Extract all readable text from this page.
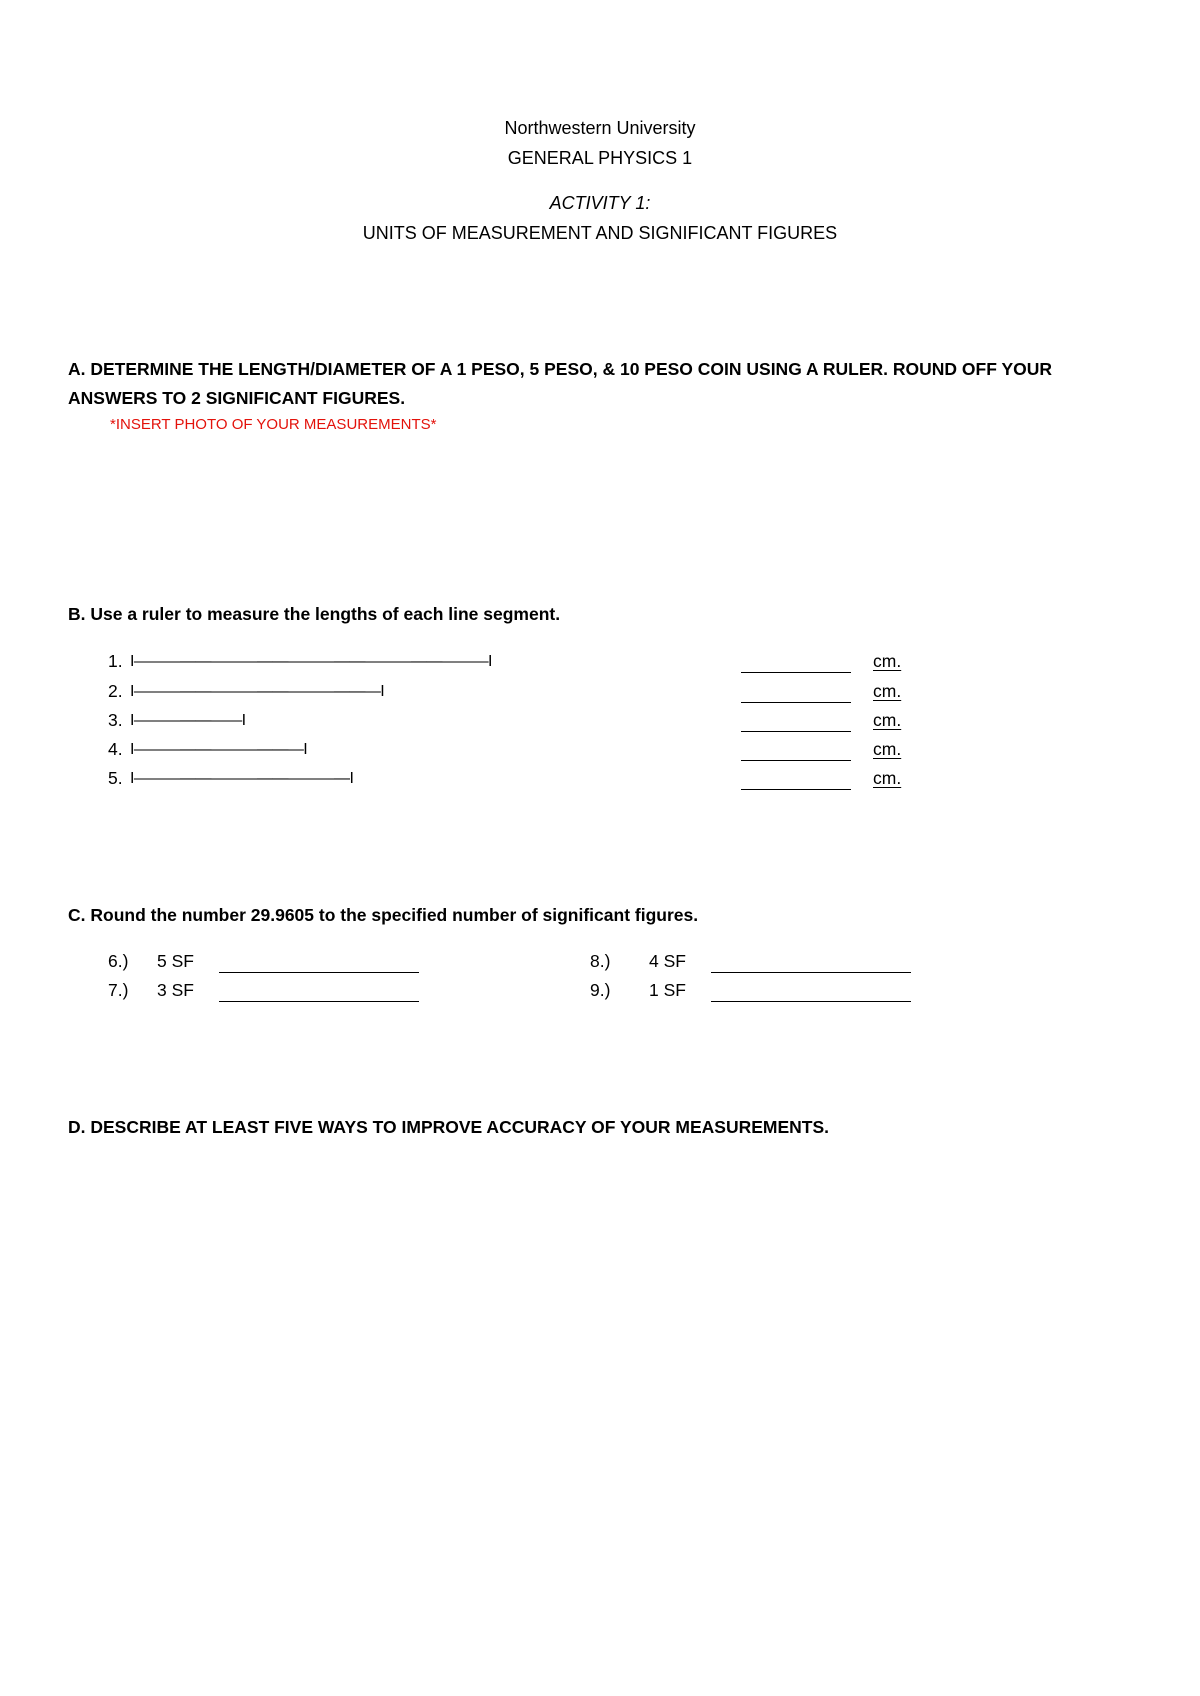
Northwestern University
GENERAL PHYSICS 1
ACTIVITY 1:
UNITS OF MEASUREMENT AND SIGNIFICANT FIGURES
A. DETERMINE THE LENGTH/DIAMETER OF A 1 PESO, 5 PESO, & 10 PESO COIN USING A RULER. ROUND OFF YOUR
ANSWERS TO 2 SIGNIFICANT FIGURES.
*INSERT PHOTO OF YOUR MEASUREMENTS*
B. Use a ruler to measure the lengths of each line segment.
1. I———————————————————————I	cm.
2. I————————————————I	cm.
3. I———————I	cm.
4. I———————————I	cm.
5. I——————————————I	cm.
C. Round the number 29.9605 to the specified number of significant figures.
6.) 5 SF
7.) 3 SF
8.) 4 SF
9.) 1 SF
D. DESCRIBE AT LEAST FIVE WAYS TO IMPROVE ACCURACY OF YOUR MEASUREMENTS.
